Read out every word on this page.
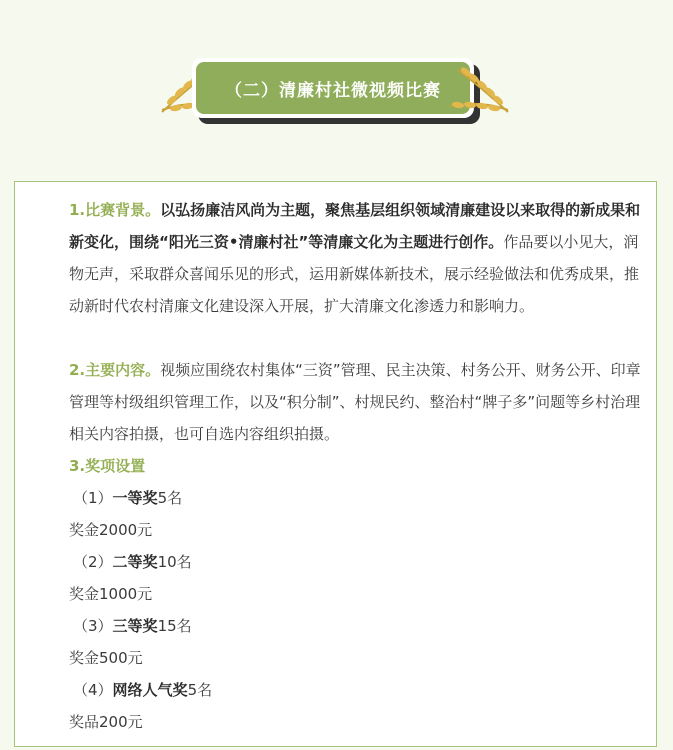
（二）清廉村社微视频比赛

1.比赛背景。以弘扬廉洁风尚为主题，聚焦基层组织领域清廉建设以来取得的新成果和新变化，围绕“阳光三资•清廉村社”等清廉文化为主题进行创作。作品要以小见大，润物无声，采取群众喜闻乐见的形式，运用新媒体新技术，展示经验做法和优秀成果，推动新时代农村清廉文化建设深入开展，扩大清廉文化渗透力和影响力。

2.主要内容。视频应围绕农村集体“三资”管理、民主决策、村务公开、财务公开、印章管理等村级组织管理工作，以及“积分制”、村规民约、整治村“牌子多”问题等乡村治理相关内容拍摄，也可自选内容组织拍摄。

3.奖项设置
（1）一等奖5名
奖金2000元
（2）二等奖10名
奖金1000元
（3）三等奖15名
奖金500元
（4）网络人气奖5名
奖品200元
